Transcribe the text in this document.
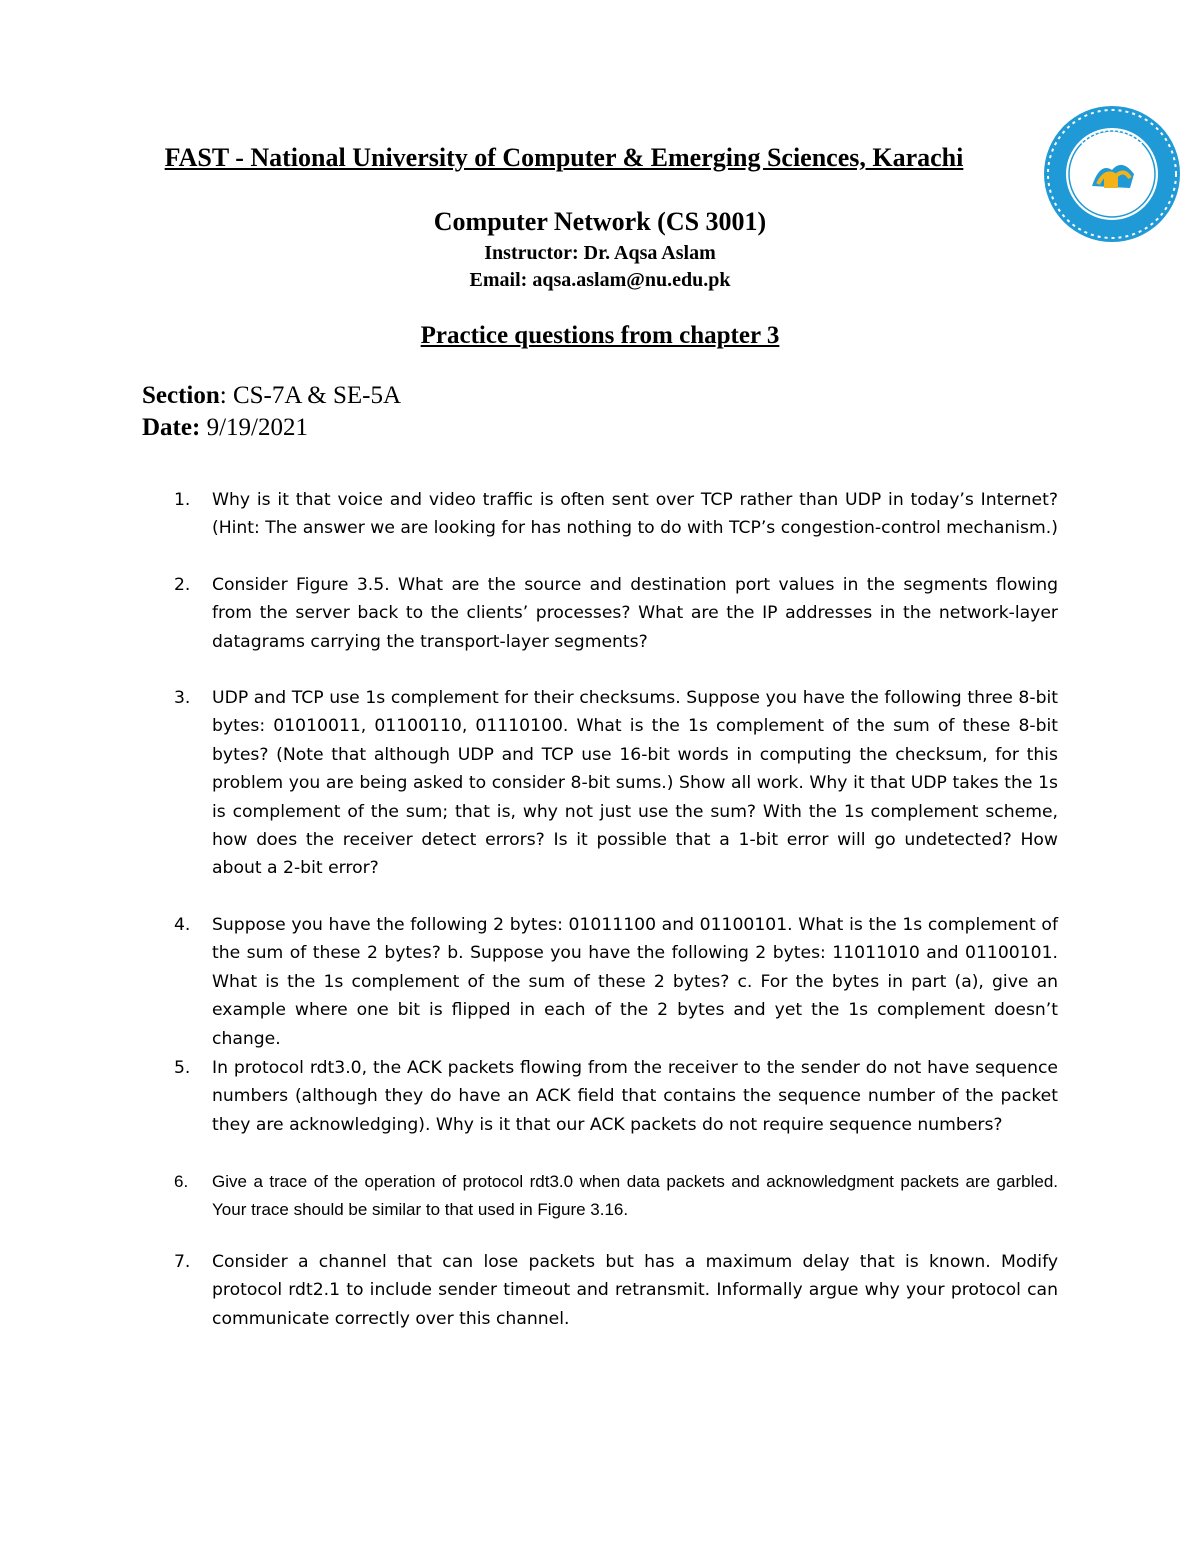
FAST - National University of Computer & Emerging Sciences, Karachi
Computer Network (CS 3001)
Instructor: Dr. Aqsa Aslam
Email: aqsa.aslam@nu.edu.pk
Practice questions from chapter 3
Section: CS-7A & SE-5A
Date: 9/19/2021
1.	Why is it that voice and video traffic is often sent over TCP rather than UDP in today’s Internet? (Hint: The answer we are looking for has nothing to do with TCP’s congestion-control mechanism.)
2.	Consider Figure 3.5. What are the source and destination port values in the segments flowing from the server back to the clients’ processes? What are the IP addresses in the network-layer datagrams carrying the transport-layer segments?
3.	UDP and TCP use 1s complement for their checksums. Suppose you have the following three 8-bit bytes: 01010011, 01100110, 01110100. What is the 1s complement of the sum of these 8-bit bytes? (Note that although UDP and TCP use 16-bit words in computing the checksum, for this problem you are being asked to consider 8-bit sums.) Show all work. Why it that UDP takes the 1s is complement of the sum; that is, why not just use the sum? With the 1s complement scheme, how does the receiver detect errors? Is it possible that a 1-bit error will go undetected? How about a 2-bit error?
4.	Suppose you have the following 2 bytes: 01011100 and 01100101. What is the 1s complement of the sum of these 2 bytes? b. Suppose you have the following 2 bytes: 11011010 and 01100101. What is the 1s complement of the sum of these 2 bytes? c. For the bytes in part (a), give an example where one bit is flipped in each of the 2 bytes and yet the 1s complement doesn’t change.
5.	In protocol rdt3.0, the ACK packets flowing from the receiver to the sender do not have sequence numbers (although they do have an ACK field that contains the sequence number of the packet they are acknowledging). Why is it that our ACK packets do not require sequence numbers?
6.	Give a trace of the operation of protocol rdt3.0 when data packets and acknowledgment packets are garbled. Your trace should be similar to that used in Figure 3.16.
7.	Consider a channel that can lose packets but has a maximum delay that is known. Modify protocol rdt2.1 to include sender timeout and retransmit. Informally argue why your protocol can communicate correctly over this channel.
